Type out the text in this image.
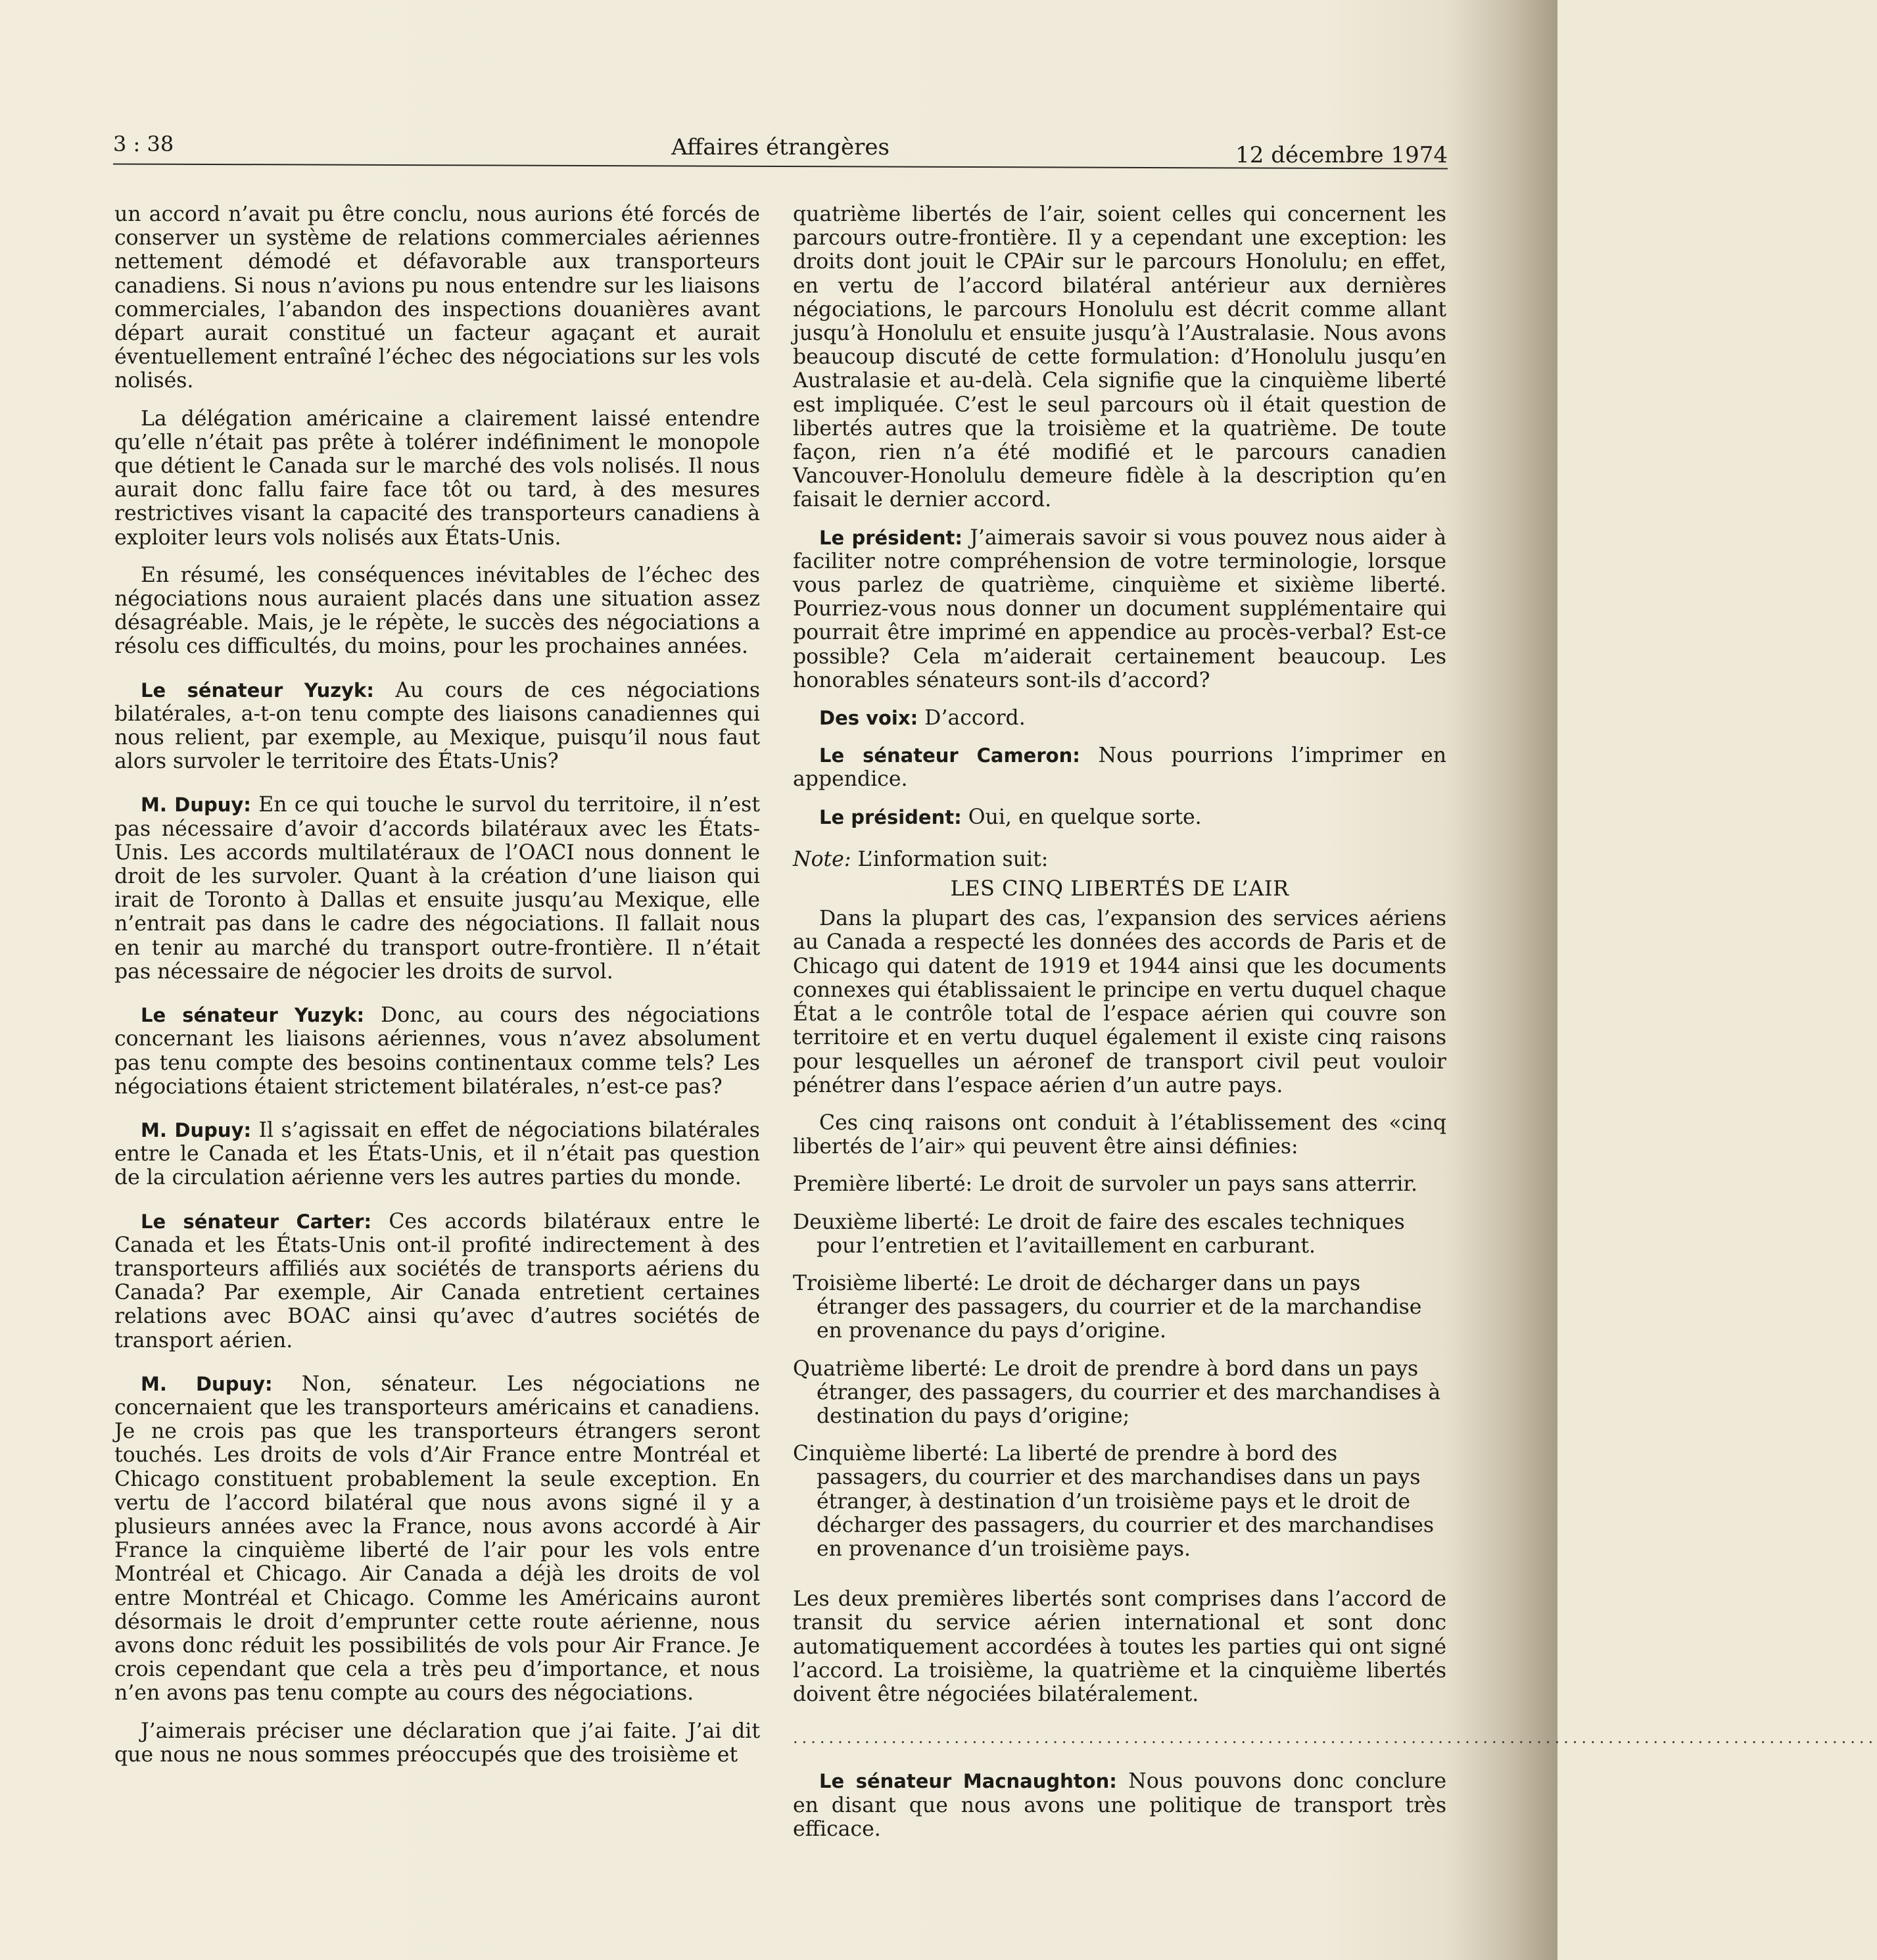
3 : 38	Affaires étrangères	12 décembre 1974

un accord n’avait pu être conclu, nous aurions été forcés de conserver un système de relations commerciales aériennes nettement démodé et défavorable aux transporteurs canadiens. Si nous n’avions pu nous entendre sur les liaisons commerciales, l’abandon des inspections douanières avant départ aurait constitué un facteur agaçant et aurait éventuellement entraîné l’échec des négociations sur les vols nolisés.

La délégation américaine a clairement laissé entendre qu’elle n’était pas prête à tolérer indéfiniment le monopole que détient le Canada sur le marché des vols nolisés. Il nous aurait donc fallu faire face tôt ou tard, à des mesures restrictives visant la capacité des transporteurs canadiens à exploiter leurs vols nolisés aux États-Unis.

En résumé, les conséquences inévitables de l’échec des négociations nous auraient placés dans une situation assez désagréable. Mais, je le répète, le succès des négociations a résolu ces difficultés, du moins, pour les prochaines années.

Le sénateur Yuzyk: Au cours de ces négociations bilatérales, a-t-on tenu compte des liaisons canadiennes qui nous relient, par exemple, au Mexique, puisqu’il nous faut alors survoler le territoire des États-Unis?

M. Dupuy: En ce qui touche le survol du territoire, il n’est pas nécessaire d’avoir d’accords bilatéraux avec les États-Unis. Les accords multilatéraux de l’OACI nous donnent le droit de les survoler. Quant à la création d’une liaison qui irait de Toronto à Dallas et ensuite jusqu’au Mexique, elle n’entrait pas dans le cadre des négociations. Il fallait nous en tenir au marché du transport outre-frontière. Il n’était pas nécessaire de négocier les droits de survol.

Le sénateur Yuzyk: Donc, au cours des négociations concernant les liaisons aériennes, vous n’avez absolument pas tenu compte des besoins continentaux comme tels? Les négociations étaient strictement bilatérales, n’est-ce pas?

M. Dupuy: Il s’agissait en effet de négociations bilatérales entre le Canada et les États-Unis, et il n’était pas question de la circulation aérienne vers les autres parties du monde.

Le sénateur Carter: Ces accords bilatéraux entre le Canada et les États-Unis ont-il profité indirectement à des transporteurs affiliés aux sociétés de transports aériens du Canada? Par exemple, Air Canada entretient certaines relations avec BOAC ainsi qu’avec d’autres sociétés de transport aérien.

M. Dupuy: Non, sénateur. Les négociations ne concernaient que les transporteurs américains et canadiens. Je ne crois pas que les transporteurs étrangers seront touchés. Les droits de vols d’Air France entre Montréal et Chicago constituent probablement la seule exception. En vertu de l’accord bilatéral que nous avons signé il y a plusieurs années avec la France, nous avons accordé à Air France la cinquième liberté de l’air pour les vols entre Montréal et Chicago. Air Canada a déjà les droits de vol entre Montréal et Chicago. Comme les Américains auront désormais le droit d’emprunter cette route aérienne, nous avons donc réduit les possibilités de vols pour Air France. Je crois cependant que cela a très peu d’importance, et nous n’en avons pas tenu compte au cours des négociations.

J’aimerais préciser une déclaration que j’ai faite. J’ai dit que nous ne nous sommes préoccupés que des troisième et

quatrième libertés de l’air, soient celles qui concernent les parcours outre-frontière. Il y a cependant une exception: les droits dont jouit le CPAir sur le parcours Honolulu; en effet, en vertu de l’accord bilatéral antérieur aux dernières négociations, le parcours Honolulu est décrit comme allant jusqu’à Honolulu et ensuite jusqu’à l’Australasie. Nous avons beaucoup discuté de cette formulation: d’Honolulu jusqu’en Australasie et au-delà. Cela signifie que la cinquième liberté est impliquée. C’est le seul parcours où il était question de libertés autres que la troisième et la quatrième. De toute façon, rien n’a été modifié et le parcours canadien Vancouver-Honolulu demeure fidèle à la description qu’en faisait le dernier accord.

Le président: J’aimerais savoir si vous pouvez nous aider à faciliter notre compréhension de votre terminologie, lorsque vous parlez de quatrième, cinquième et sixième liberté. Pourriez-vous nous donner un document supplémentaire qui pourrait être imprimé en appendice au procès-verbal? Est-ce possible? Cela m’aiderait certainement beaucoup. Les honorables sénateurs sont-ils d’accord?

Des voix: D’accord.

Le sénateur Cameron: Nous pourrions l’imprimer en appendice.

Le président: Oui, en quelque sorte.

Note: L’information suit:

LES CINQ LIBERTÉS DE L’AIR

Dans la plupart des cas, l’expansion des services aériens au Canada a respecté les données des accords de Paris et de Chicago qui datent de 1919 et 1944 ainsi que les documents connexes qui établissaient le principe en vertu duquel chaque État a le contrôle total de l’espace aérien qui couvre son territoire et en vertu duquel également il existe cinq raisons pour lesquelles un aéronef de transport civil peut vouloir pénétrer dans l’espace aérien d’un autre pays.

Ces cinq raisons ont conduit à l’établissement des «cinq libertés de l’air» qui peuvent être ainsi définies:

Première liberté: Le droit de survoler un pays sans atterrir.

Deuxième liberté: Le droit de faire des escales techniques pour l’entretien et l’avitaillement en carburant.

Troisième liberté: Le droit de décharger dans un pays étranger des passagers, du courrier et de la marchandise en provenance du pays d’origine.

Quatrième liberté: Le droit de prendre à bord dans un pays étranger, des passagers, du courrier et des marchandises à destination du pays d’origine;

Cinquième liberté: La liberté de prendre à bord des passagers, du courrier et des marchandises dans un pays étranger, à destination d’un troisième pays et le droit de décharger des passagers, du courrier et des marchandises en provenance d’un troisième pays.

Les deux premières libertés sont comprises dans l’accord de transit du service aérien international et sont donc automatiquement accordées à toutes les parties qui ont signé l’accord. La troisième, la quatrième et la cinquième libertés doivent être négociées bilatéralement.

.........................................................................................................................

Le sénateur Macnaughton: Nous pouvons donc conclure en disant que nous avons une politique de transport très efficace.
